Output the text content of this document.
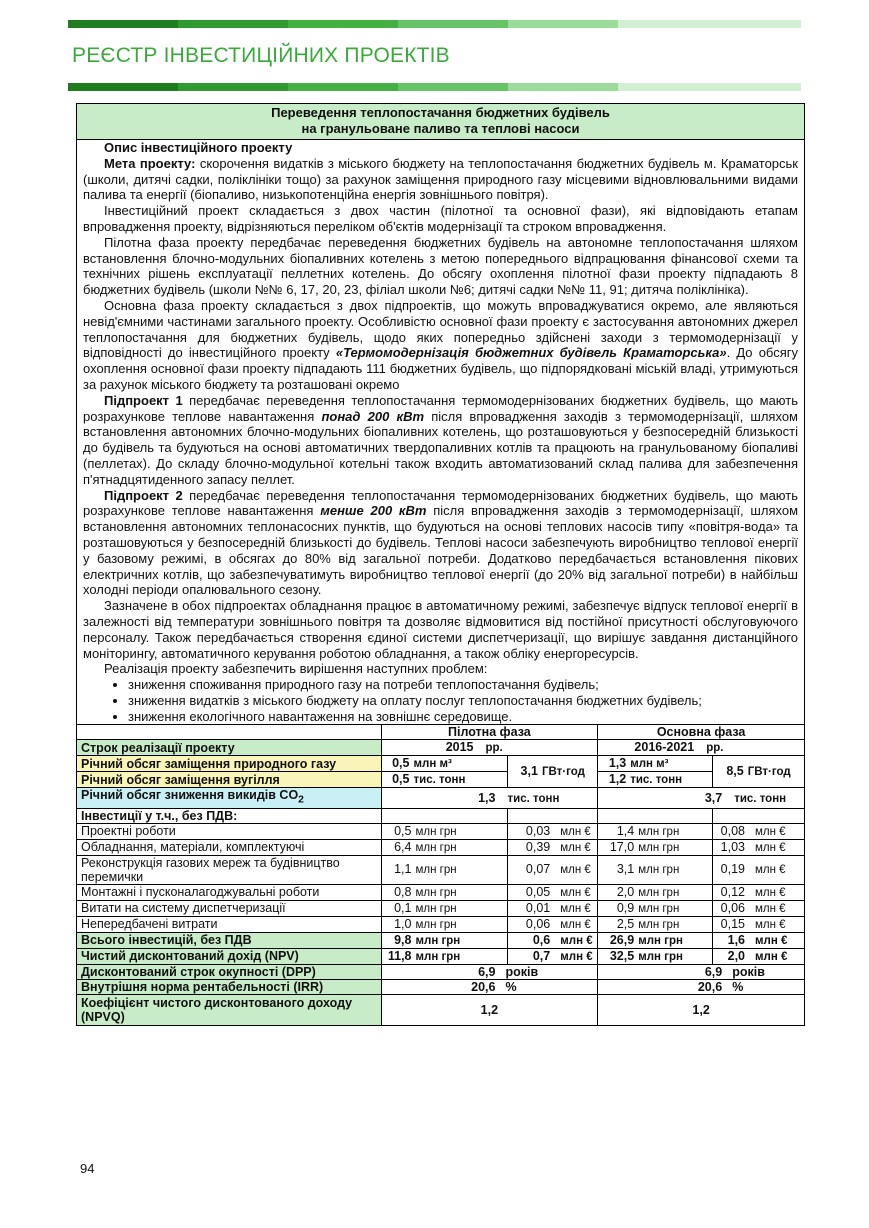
РЕЄСТР ІНВЕСТИЦІЙНИХ ПРОЕКТІВ
Переведення теплопостачання бюджетних будівель
на гранульоване паливо та теплові насоси

Опис інвестиційного проекту

Мета проекту: скорочення видатків з міського бюджету на теплопостачання бюджетних будівель м. Краматорськ (школи, дитячі садки, поліклініки тощо) за рахунок заміщення природного газу місцевими відновлювальними видами палива та енергії (біопаливо, низькопотенційна енергія зовнішнього повітря).

Інвестиційний проект складається з двох частин (пілотної та основної фази), які відповідають етапам впровадження проекту, відрізняються переліком об'єктів модернізації та строком впровадження.

Пілотна фаза проекту передбачає переведення бюджетних будівель на автономне теплопостачання шляхом встановлення блочно-модульних біопаливних котелень з метою попереднього відпрацювання фінансової схеми та технічних рішень експлуатації пеллетних котелень. До обсягу охоплення пілотної фази проекту підпадають 8 бюджетних будівель (школи №№ 6, 17, 20, 23, філіал школи №6; дитячі садки №№ 11, 91; дитяча поліклініка).

Основна фаза проекту складається з двох підпроектів, що можуть впроваджуватися окремо, але являються невід'ємними частинами загального проекту. Особливістю основної фази проекту є застосування автономних джерел теплопостачання для бюджетних будівель, щодо яких попередньо здійснені заходи з термомодернізації у відповідності до інвестиційного проекту «Термомодернізація бюджетних будівель Краматорська». До обсягу охоплення основної фази проекту підпадають 111 бюджетних будівель, що підпорядковані міській владі, утримуються за рахунок міського бюджету та розташовані окремо

Підпроект 1 передбачає переведення теплопостачання термомодернізованих бюджетних будівель, що мають розрахункове теплове навантаження понад 200 кВт після впровадження заходів з термомодернізації, шляхом встановлення автономних блочно-модульних біопаливних котелень, що розташовуються у безпосередній близькості до будівель та будуються на основі автоматичних твердопаливних котлів та працюють на гранульованому біопаливі (пеллетах). До складу блочно-модульної котельні також входить автоматизований склад палива для забезпечення п'ятнадцятиденного запасу пеллет.

Підпроект 2 передбачає переведення теплопостачання термомодернізованих бюджетних будівель, що мають розрахункове теплове навантаження менше 200 кВт після впровадження заходів з термомодернізації, шляхом встановлення автономних теплонасосних пунктів, що будуються на основі теплових насосів типу «повітря-вода» та розташовуються у безпосередній близькості до будівель. Теплові насоси забезпечують виробництво теплової енергії у базовому режимі, в обсягах до 80% від загальної потреби. Додатково передбачається встановлення пікових електричних котлів, що забезпечуватимуть виробництво теплової енергії (до 20% від загальної потреби) в найбільш холодні періоди опалювального сезону.

Зазначене в обох підпроектах обладнання працює в автоматичному режимі, забезпечує відпуск теплової енергії в залежності від температури зовнішнього повітря та дозволяє відмовитися від постійної присутності обслуговуючого персоналу. Також передбачається створення єдиної системи диспетчеризації, що вирішує завдання дистанційного моніторингу, автоматичного керування роботою обладнання, а також обліку енергоресурсів.

Реалізація проекту забезпечить вирішення наступних проблем:

• зниження споживання природного газу на потреби теплопостачання будівель;
• зниження видатків з міського бюджету на оплату послуг теплопостачання бюджетних будівель;
• зниження екологічного навантаження на зовнішнє середовище.
	Пілотна фаза		Основна фаза	
Строк реалізації проекту	2015 рр.		2016-2021 рр.	
Річний обсяг заміщення природного газу	0,5 млн м³	3,1 ГВт·год	1,3 млн м³	8,5 ГВт·год
Річний обсяг заміщення вугілля	0,5 тис. тонн		1,2 тис. тонн	
Річний обсяг зниження викидів $CO_2$	1,3 тис. тонн		3,7 тис. тонн	
Інвестиції у т.ч., без ПДВ:				
Проектні роботи	0,5 млн грн	0,03 млн €	1,4 млн грн	0,08 млн €
Обладнання, матеріали, комплектуючі	6,4 млн грн	0,39 млн €	17,0 млн грн	1,03 млн €
Реконструкція газових мереж та будівництво перемички	1,1 млн грн	0,07 млн €	3,1 млн грн	0,19 млн €
Монтажні і пусконалагоджувальні роботи	0,8 млн грн	0,05 млн €	2,0 млн грн	0,12 млн €
Витати на систему диспетчеризації	0,1 млн грн	0,01 млн €	0,9 млн грн	0,06 млн €
Непередбачені витрати	1,0 млн грн	0,06 млн €	2,5 млн грн	0,15 млн €
Всього інвестицій, без ПДВ	9,8 млн грн	0,6 млн €	26,9 млн грн	1,6 млн €
Чистий дисконтований дохід (NPV)	11,8 млн грн	0,7 млн €	32,5 млн грн	2,0 млн €
Дисконтований строк окупності (DPP)	6,9 років		6,9 років	
Внутрішня норма рентабельності (IRR)	20,6 %		20,6 %	
Коефіцієнт чистого дисконтованого доходу (NPVQ)	1,2		1,2	
94
